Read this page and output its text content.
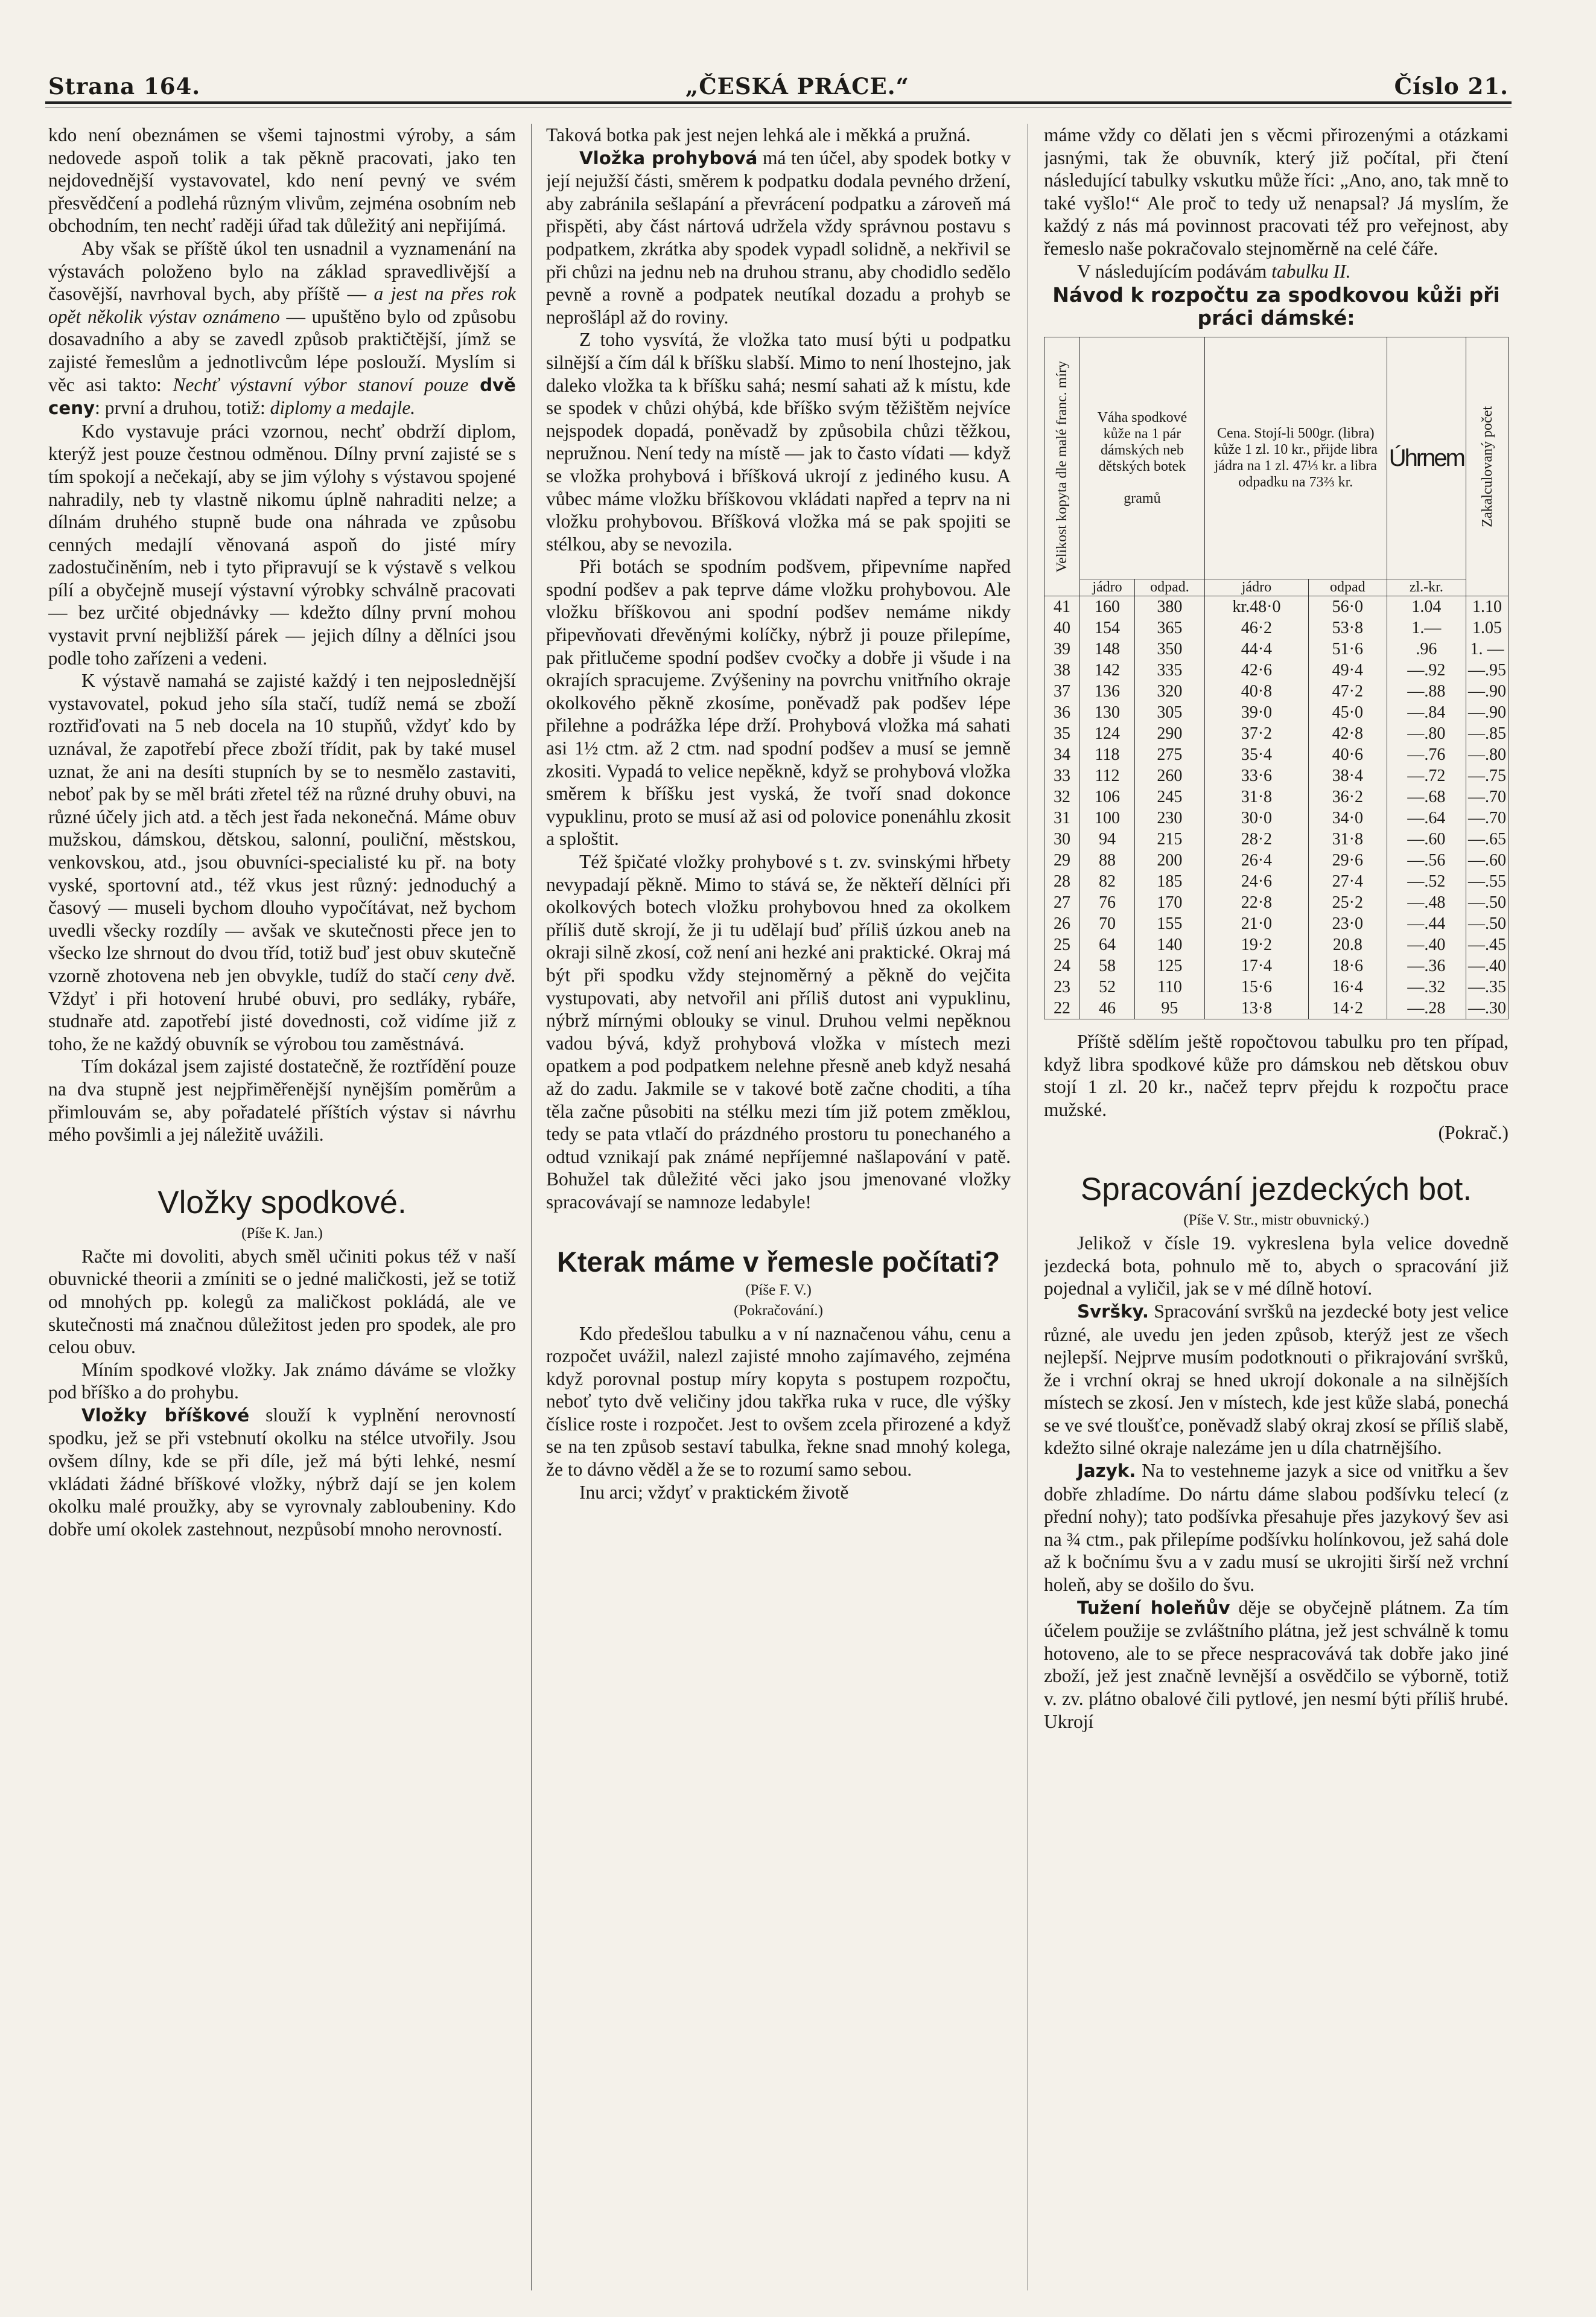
Strana 164.	„ČESKÁ PRÁCE.“	Číslo 21.

kdo není obeznámen se všemi tajnostmi výroby, a sám nedovede aspoň tolik a tak pěkně pracovati, jako ten nejdovednější vystavovatel, kdo není pevný ve svém přesvědčení a podlehá různým vlivům, zejména osobním neb obchodním, ten nechť raději úřad tak důležitý ani nepřijímá.

Aby však se příště úkol ten usnadnil a vyznamenání na výstavách položeno bylo na základ spravedlivější a časovější, navrhoval bych, aby příště — a jest na přes rok opět několik výstav oznámeno — upuštěno bylo od způsobu dosavadního a aby se zavedl způsob praktičtější, jímž se zajisté řemeslům a jednotlivcům lépe poslouží. Myslím si věc asi takto: Nechť výstavní výbor stanoví pouze dvě ceny: první a druhou, totiž: diplomy a medajle.

Kdo vystavuje práci vzornou, nechť obdrží diplom, kterýž jest pouze čestnou odměnou. Dílny první zajisté se s tím spokojí a nečekají, aby se jim výlohy s výstavou spojené nahradily, neb ty vlastně nikomu úplně nahraditi nelze; a dílnám druhého stupně bude ona náhrada ve způsobu cenných medajlí věnovaná aspoň do jisté míry zadostučiněním, neb i tyto připravují se k výstavě s velkou pílí a obyčejně musejí výstavní výrobky schválně pracovati — bez určité objednávky — kdežto dílny první mohou vystavit první nejbližší párek — jejich dílny a dělníci jsou podle toho zařízeni a vedeni.

K výstavě namahá se zajisté každý i ten nejposlednější vystavovatel, pokud jeho síla stačí, tudíž nemá se zboží roztřiďovati na 5 neb docela na 10 stupňů, vždyť kdo by uznával, že zapotřebí přece zboží třídit, pak by také musel uznat, že ani na desíti stupních by se to nesmělo zastaviti, neboť pak by se měl bráti zřetel též na různé druhy obuvi, na různé účely jich atd. a těch jest řada nekonečná. Máme obuv mužskou, dámskou, dětskou, salonní, pouliční, městskou, venkovskou, atd., jsou obuvníci-specialisté ku př. na boty vyské, sportovní atd., též vkus jest různý: jednoduchý a časový — museli bychom dlouho vypočítávat, než bychom uvedli všecky rozdíly — avšak ve skutečnosti přece jen to všecko lze shrnout do dvou tříd, totiž buď jest obuv skutečně vzorně zhotovena neb jen obvykle, tudíž do stačí ceny dvě. Vždyť i při hotovení hrubé obuvi, pro sedláky, rybáře, studnaře atd. zapotřebí jisté dovednosti, což vidíme již z toho, že ne každý obuvník se výrobou tou zaměstnává.

Tím dokázal jsem zajisté dostatečně, že roztřídění pouze na dva stupně jest nejpřiměřenější nynějším poměrům a přimlouvám se, aby pořadatelé příštích výstav si návrhu mého povšimli a jej náležitě uvážili.

Vložky spodkové.
(Píše K. Jan.)

Račte mi dovoliti, abych směl učiniti pokus též v naší obuvnické theorii a zmíniti se o jedné maličkosti, jež se totiž od mnohých pp. kolegů za maličkost pokládá, ale ve skutečnosti má značnou důležitost jeden pro spodek, ale pro celou obuv.

Míním spodkové vložky. Jak známo dáváme se vložky pod bříško a do prohybu.

Vložky bříškové slouží k vyplnění nerovností spodku, jež se při vstebnutí okolku na stélce utvořily. Jsou ovšem dílny, kde se při díle, jež má býti lehké, nesmí vkládati žádné bříškové vložky, nýbrž dají se jen kolem okolku malé proužky, aby se vyrovnaly zabloubeniny. Kdo dobře umí okolek zastehnout, nezpůsobí mnoho nerovností.

Taková botka pak jest nejen lehká ale i měkká a pružná.

Vložka prohybová má ten účel, aby spodek botky v její nejužší části, směrem k podpatku dodala pevného držení, aby zabránila sešlapání a převrácení podpatku a zároveň má přispěti, aby část nártová udržela vždy správnou postavu s podpatkem, zkrátka aby spodek vypadl solidně, a nekřivil se při chůzi na jednu neb na druhou stranu, aby chodidlo sedělo pevně a rovně a podpatek neutíkal dozadu a prohyb se neprošlápl až do roviny.

Z toho vysvítá, že vložka tato musí býti u podpatku silnější a čím dál k bříšku slabší. Mimo to není lhostejno, jak daleko vložka ta k bříšku sahá; nesmí sahati až k místu, kde se spodek v chůzi ohýbá, kde bříško svým těžištěm nejvíce nejspodek dopadá, poněvadž by způsobila chůzi těžkou, nepružnou. Není tedy na místě — jak to často vídati — když se vložka prohybová i bříšková ukrojí z jediného kusu. A vůbec máme vložku bříškovou vkládati napřed a teprv na ni vložku prohybovou. Bříšková vložka má se pak spojiti se stélkou, aby se nevozila.

Při botách se spodním podšvem, připevníme napřed spodní podšev a pak teprve dáme vložku prohybovou. Ale vložku bříškovou ani spodní podšev nemáme nikdy připevňovati dřevěnými kolíčky, nýbrž ji pouze přilepíme, pak přitlučeme spodní podšev cvočky a dobře ji všude i na okrajích spracujeme. Zvýšeniny na povrchu vnitřního okraje okolkového pěkně zkosíme, poněvadž pak podšev lépe přilehne a podrážka lépe drží. Prohybová vložka má sahati asi 1½ ctm. až 2 ctm. nad spodní podšev a musí se jemně zkositi. Vypadá to velice nepěkně, když se prohybová vložka směrem k bříšku jest vyská, že tvoří snad dokonce vypuklinu, proto se musí až asi od polovice ponenáhlu zkosit a sploštit.

Též špičaté vložky prohybové s t. zv. svinskými hřbety nevypadají pěkně. Mimo to stává se, že někteří dělníci při okolkových botech vložku prohybovou hned za okolkem příliš dutě skrojí, že ji tu udělají buď příliš úzkou aneb na okraji silně zkosí, což není ani hezké ani praktické. Okraj má být při spodku vždy stejnoměrný a pěkně do vejčita vystupovati, aby netvořil ani příliš dutost ani vypuklinu, nýbrž mírnými oblouky se vinul. Druhou velmi nepěknou vadou bývá, když prohybová vložka v místech mezi opatkem a pod podpatkem nelehne přesně aneb když nesahá až do zadu. Jakmile se v takové botě začne choditi, a tíha těla začne působiti na stélku mezi tím již potem změklou, tedy se pata vtlačí do prázdného prostoru tu ponechaného a odtud vznikají pak známé nepříjemné našlapování v patě. Bohužel tak důležité věci jako jsou jmenované vložky spracovávají se namnoze ledabyle!

Kterak máme v řemesle počítati?
(Píše F. V.)
(Pokračování.)

Kdo předešlou tabulku a v ní naznačenou váhu, cenu a rozpočet uvážil, nalezl zajisté mnoho zajímavého, zejména když porovnal postup míry kopyta s postupem rozpočtu, neboť tyto dvě veličiny jdou takřka ruka v ruce, dle výšky číslice roste i rozpočet. Jest to ovšem zcela přirozené a když se na ten způsob sestaví tabulka, řekne snad mnohý kolega, že to dávno věděl a že se to rozumí samo sebou.

Inu arci; vždyť v praktickém životě

máme vždy co dělati jen s věcmi přirozenými a otázkami jasnými, tak že obuvník, který již počítal, při čtení následující tabulky vskutku může říci: „Ano, ano, tak mně to také vyšlo!“ Ale proč to tedy už nenapsal? Já myslím, že každý z nás má povinnost pracovati též pro veřejnost, aby řemeslo naše pokračovalo stejnoměrně na celé čáře.

V následujícím podávám tabulku II.

Návod k rozpočtu za spodkovou kůži při práci dámské:
Velikost kopyta dle malé franc. míry	Váha spodkové kůže na 1 pár dámských neb dětských botek
gramů		Cena. Stojí-li 500gr. (libra) kůže 1 zl. 10 kr., přijde libra jádra na 1 zl. 47⅓ kr. a libra odpadku na 73⅔ kr.		Úhrnem	Zakalculovaný počet

	jádro	odpad.	jádro	odpad	zl.-kr.	
41	160	380	kr.48·0	56·0	1.04	1.10
40	154	365	46·2	53·8	1.—	1.05
39	148	350	44·4	51·6	.96	1. —
38	142	335	42·6	49·4	—.92	—.95
37	136	320	40·8	47·2	—.88	—.90
36	130	305	39·0	45·0	—.84	—.90
35	124	290	37·2	42·8	—.80	—.85
34	118	275	35·4	40·6	—.76	—.80
33	112	260	33·6	38·4	—.72	—.75
32	106	245	31·8	36·2	—.68	—.70
31	100	230	30·0	34·0	—.64	—.70
30	94	215	28·2	31·8	—.60	—.65
29	88	200	26·4	29·6	—.56	—.60
28	82	185	24·6	27·4	—.52	—.55
27	76	170	22·8	25·2	—.48	—.50
26	70	155	21·0	23·0	—.44	—.50
25	64	140	19·2	20.8	—.40	—.45
24	58	125	17·4	18·6	—.36	—.40
23	52	110	15·6	16·4	—.32	—.35
22	46	95	13·8	14·2	—.28	—.30

Příště sdělím ještě ropočtovou tabulku pro ten případ, když libra spodkové kůže pro dámskou neb dětskou obuv stojí 1 zl. 20 kr., načež teprv přejdu k rozpočtu prace mužské.

(Pokrač.)

Spracování jezdeckých bot.
(Píše V. Str., mistr obuvnický.)

Jelikož v čísle 19. vykreslena byla velice dovedně jezdecká bota, pohnulo mě to, abych o spracování již pojednal a vyličil, jak se v mé dílně hotoví.

Svršky. Spracování svršků na jezdecké boty jest velice různé, ale uvedu jen jeden způsob, kterýž jest ze všech nejlepší. Nejprve musím podotknouti o přikrajování svršků, že i vrchní okraj se hned ukrojí dokonale a na silnějších místech se zkosí. Jen v místech, kde jest kůže slabá, ponechá se ve své tloušťce, poněvadž slabý okraj zkosí se příliš slabě, kdežto silné okraje nalezáme jen u díla chatrnějšího.

Jazyk. Na to vestehneme jazyk a sice od vnitřku a šev dobře zhladíme. Do nártu dáme slabou podšívku telecí (z přední nohy); tato podšívka přesahuje přes jazykový šev asi na ¾ ctm., pak přilepíme podšívku holínkovou, jež sahá dole až k bočnímu švu a v zadu musí se ukrojiti širší než vrchní holeň, aby se došilo do švu.

Tužení holeňův děje se obyčejně plátnem. Za tím účelem použije se zvláštního plátna, jež jest schválně k tomu hotoveno, ale to se přece nespracovává tak dobře jako jiné zboží, jež jest značně levnější a osvědčilo se výborně, totiž v. zv. plátno obalové čili pytlové, jen nesmí býti příliš hrubé. Ukrojí
